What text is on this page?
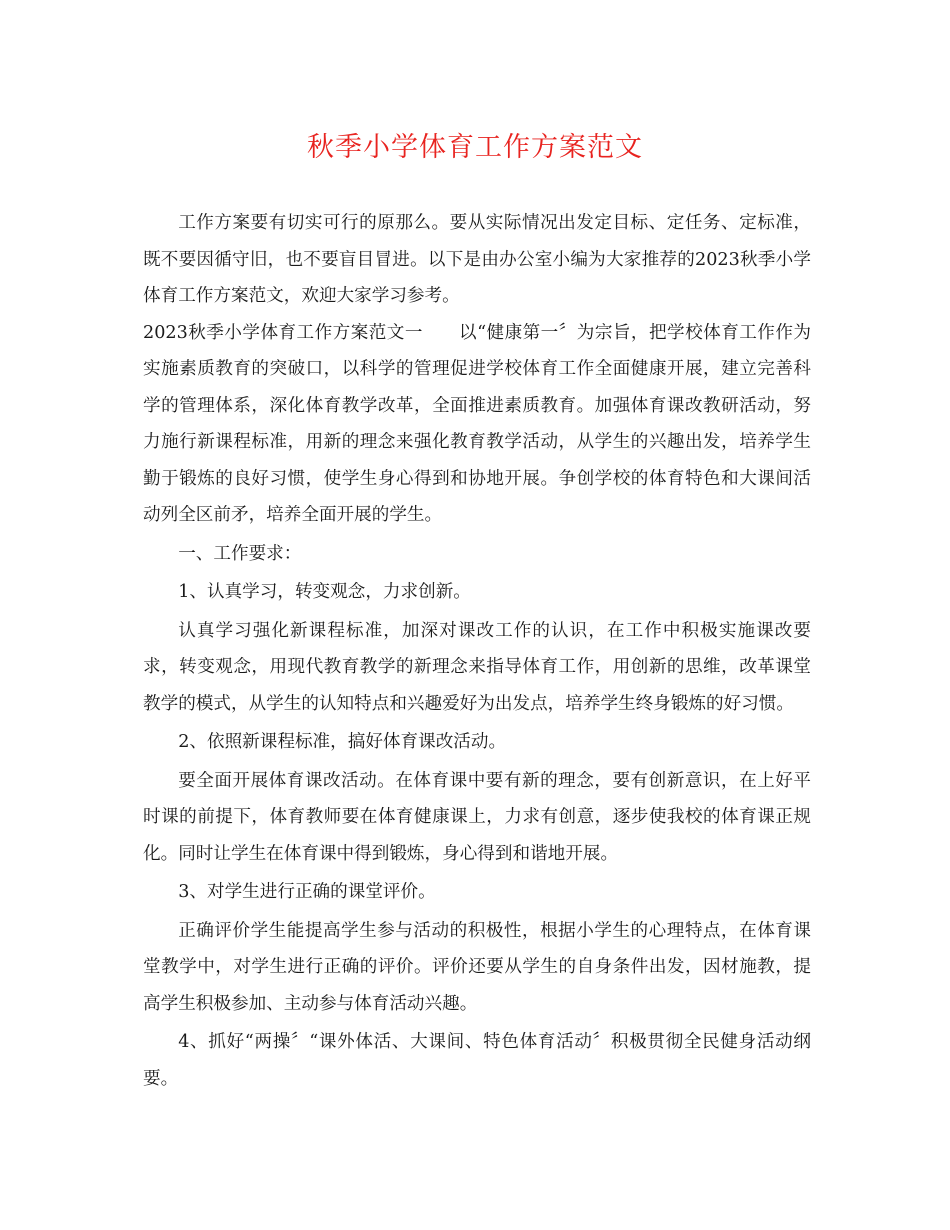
秋季小学体育工作方案范文

工作方案要有切实可行的原那么。要从实际情况出发定目标、定任务、定标准，既不要因循守旧，也不要盲目冒进。以下是由办公室小编为大家推荐的2023秋季小学体育工作方案范文，欢迎大家学习参考。

2023秋季小学体育工作方案范文一　　以“健康第一〞为宗旨，把学校体育工作作为实施素质教育的突破口，以科学的管理促进学校体育工作全面健康开展，建立完善科学的管理体系，深化体育教学改革，全面推进素质教育。加强体育课改教研活动，努力施行新课程标准，用新的理念来强化教育教学活动，从学生的兴趣出发，培养学生勤于锻炼的良好习惯，使学生身心得到和协地开展。争创学校的体育特色和大课间活动列全区前矛，培养全面开展的学生。

一、工作要求：

1、认真学习，转变观念，力求创新。

认真学习强化新课程标准，加深对课改工作的认识，在工作中积极实施课改要求，转变观念，用现代教育教学的新理念来指导体育工作，用创新的思维，改革课堂教学的模式，从学生的认知特点和兴趣爱好为出发点，培养学生终身锻炼的好习惯。

2、依照新课程标准，搞好体育课改活动。

要全面开展体育课改活动。在体育课中要有新的理念，要有创新意识，在上好平时课的前提下，体育教师要在体育健康课上，力求有创意，逐步使我校的体育课正规化。同时让学生在体育课中得到锻炼，身心得到和谐地开展。

3、对学生进行正确的课堂评价。

正确评价学生能提高学生参与活动的积极性，根据小学生的心理特点，在体育课堂教学中，对学生进行正确的评价。评价还要从学生的自身条件出发，因材施教，提高学生积极参加、主动参与体育活动兴趣。

4、抓好“两操〞“课外体活、大课间、特色体育活动〞积极贯彻全民健身活动纲要。
